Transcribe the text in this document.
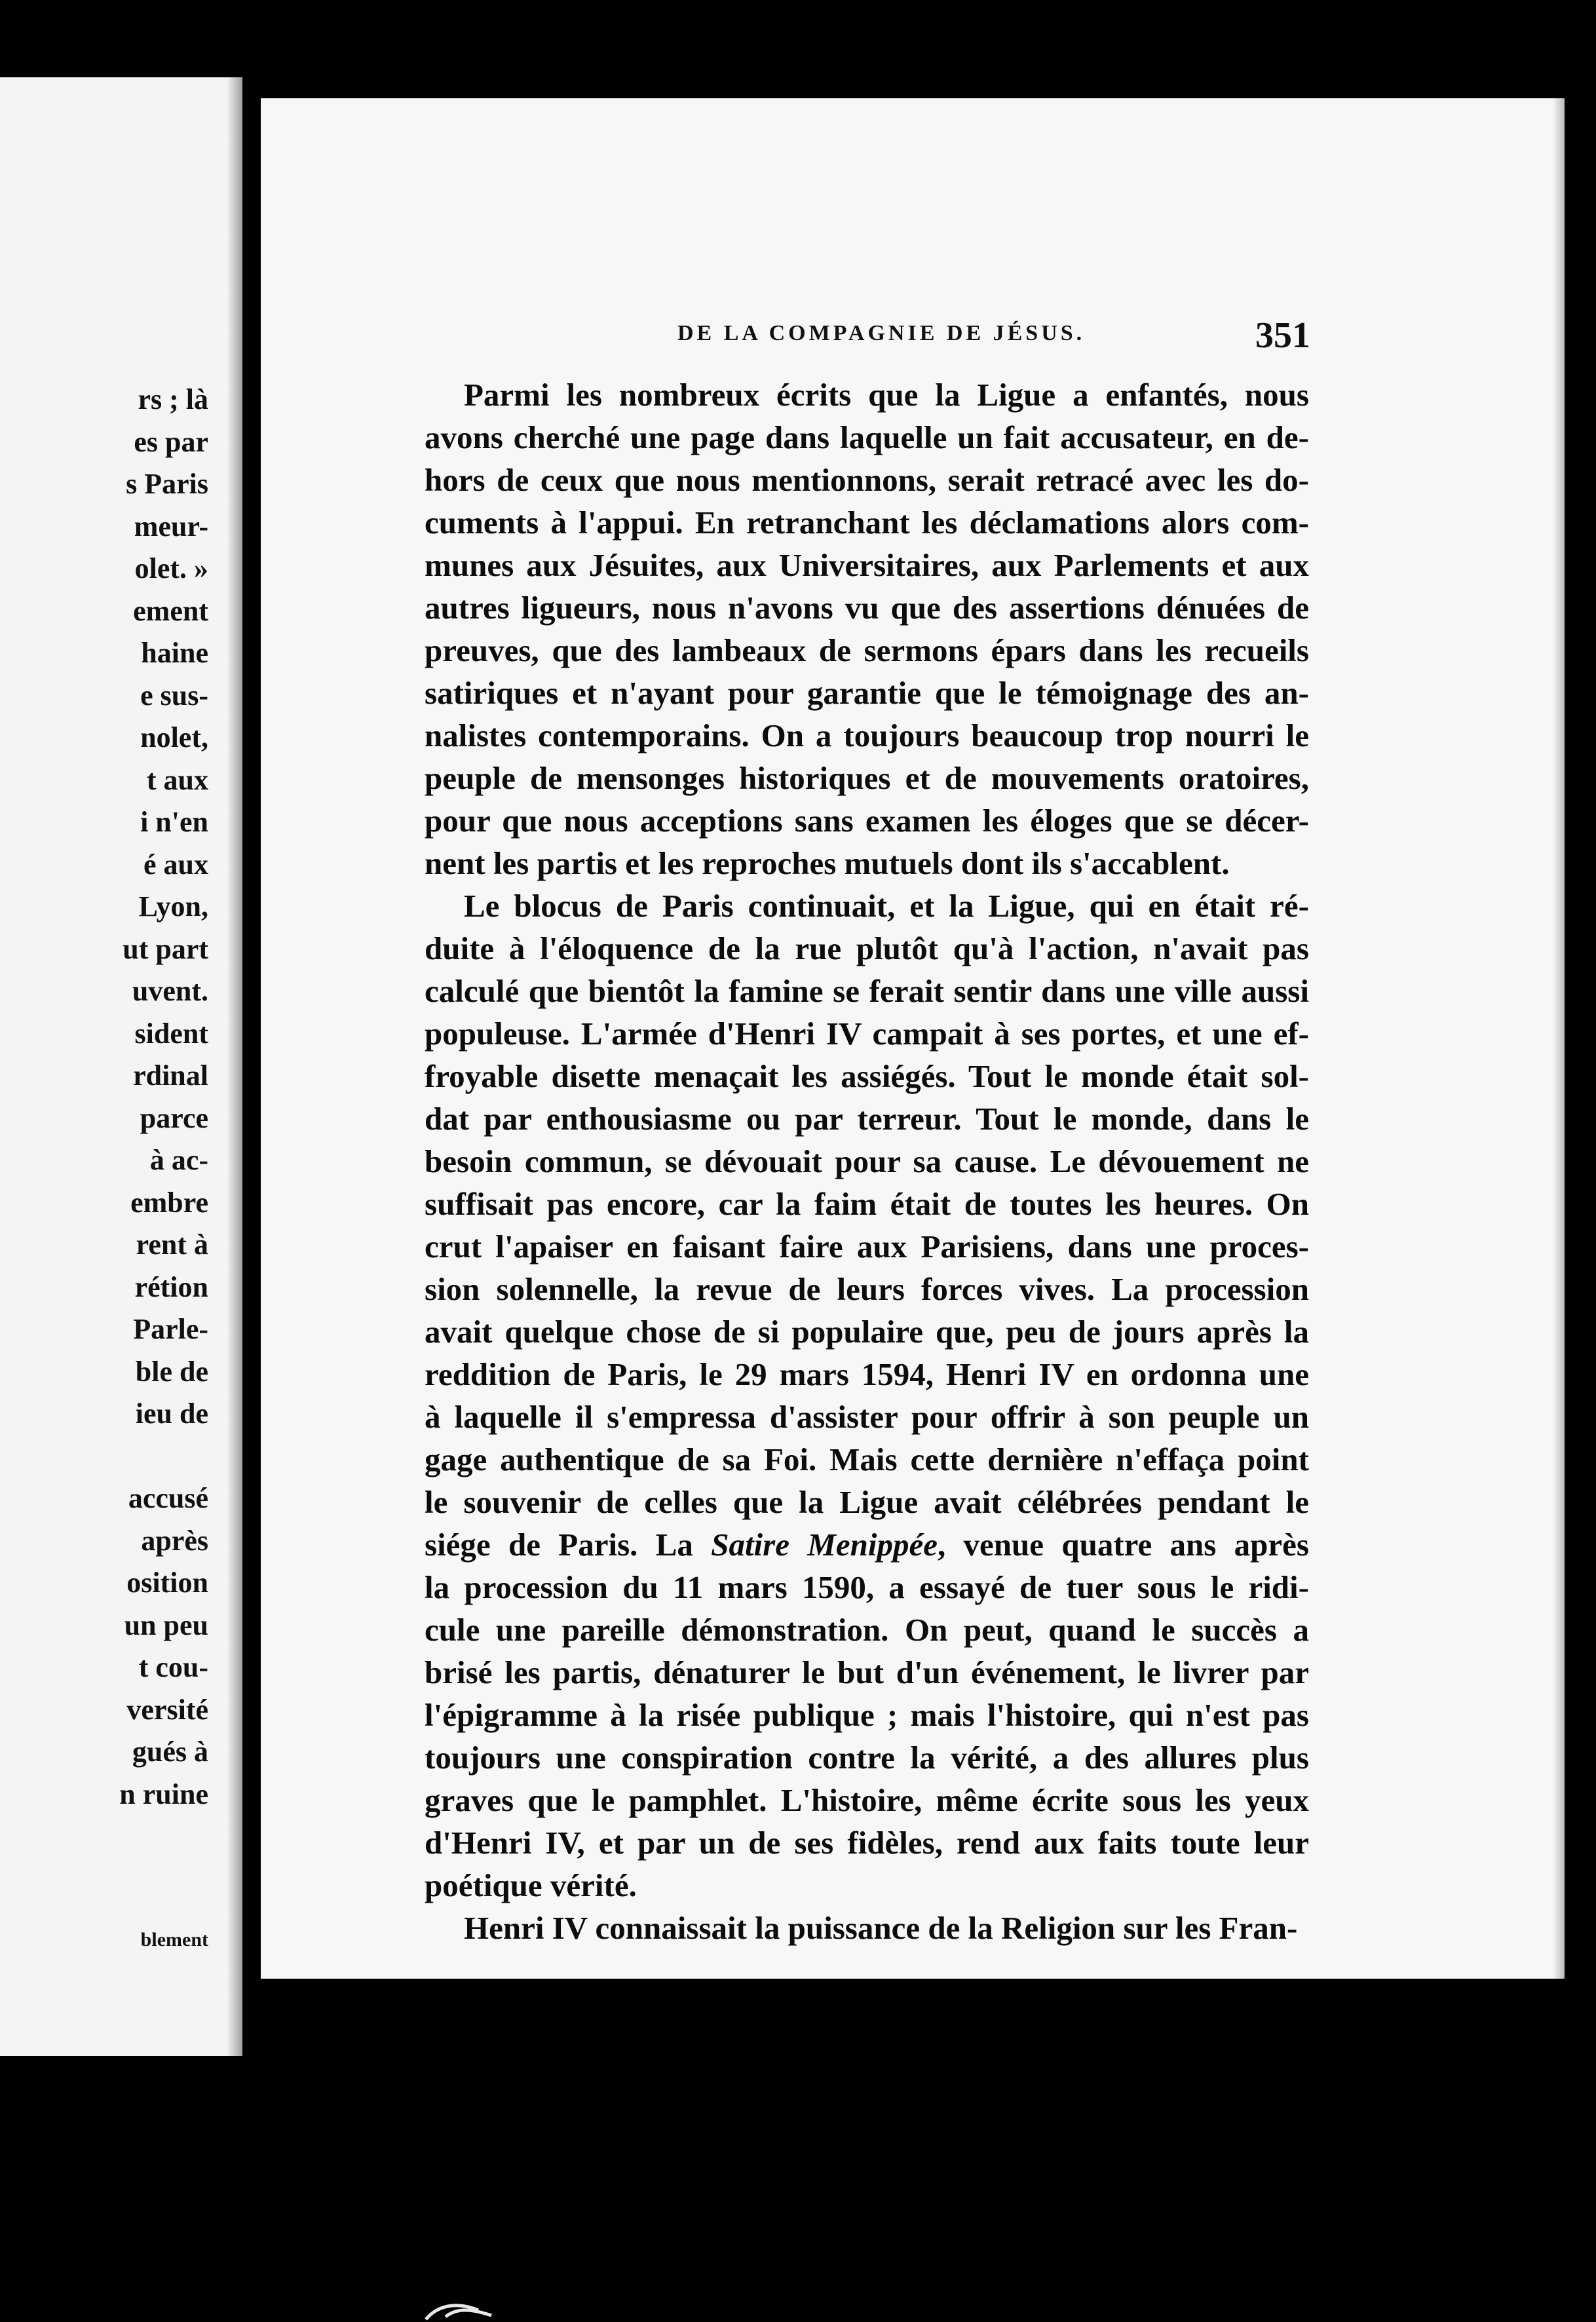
rs ; là
es par
s Paris
meur-
olet. »
ement
haine
e sus-
nolet,
t aux
i n'en
é aux
Lyon,
ut part
uvent.
sident
rdinal
parce
à ac-
embre
rent à
rétion
Parle-
ble de
ieu de
accusé
après
osition
un peu
t cou-
versité
gués à
n ruine
blement
DE LA COMPAGNIE DE JÉSUS.	351
Parmi les nombreux écrits que la Ligue a enfantés, nous
avons cherché une page dans laquelle un fait accusateur, en de-
hors de ceux que nous mentionnons, serait retracé avec les do-
cuments à l'appui. En retranchant les déclamations alors com-
munes aux Jésuites, aux Universitaires, aux Parlements et aux
autres ligueurs, nous n'avons vu que des assertions dénuées de
preuves, que des lambeaux de sermons épars dans les recueils
satiriques et n'ayant pour garantie que le témoignage des an-
nalistes contemporains. On a toujours beaucoup trop nourri le
peuple de mensonges historiques et de mouvements oratoires,
pour que nous acceptions sans examen les éloges que se décer-
nent les partis et les reproches mutuels dont ils s'accablent.
Le blocus de Paris continuait, et la Ligue, qui en était ré-
duite à l'éloquence de la rue plutôt qu'à l'action, n'avait pas
calculé que bientôt la famine se ferait sentir dans une ville aussi
populeuse. L'armée d'Henri IV campait à ses portes, et une ef-
froyable disette menaçait les assiégés. Tout le monde était sol-
dat par enthousiasme ou par terreur. Tout le monde, dans le
besoin commun, se dévouait pour sa cause. Le dévouement ne
suffisait pas encore, car la faim était de toutes les heures. On
crut l'apaiser en faisant faire aux Parisiens, dans une proces-
sion solennelle, la revue de leurs forces vives. La procession
avait quelque chose de si populaire que, peu de jours après la
reddition de Paris, le 29 mars 1594, Henri IV en ordonna une
à laquelle il s'empressa d'assister pour offrir à son peuple un
gage authentique de sa Foi. Mais cette dernière n'effaça point
le souvenir de celles que la Ligue avait célébrées pendant le
siége de Paris. La Satire Menippée, venue quatre ans après
la procession du 11 mars 1590, a essayé de tuer sous le ridi-
cule une pareille démonstration. On peut, quand le succès a
brisé les partis, dénaturer le but d'un événement, le livrer par
l'épigramme à la risée publique ; mais l'histoire, qui n'est pas
toujours une conspiration contre la vérité, a des allures plus
graves que le pamphlet. L'histoire, même écrite sous les yeux
d'Henri IV, et par un de ses fidèles, rend aux faits toute leur
poétique vérité.
Henri IV connaissait la puissance de la Religion sur les Fran-
